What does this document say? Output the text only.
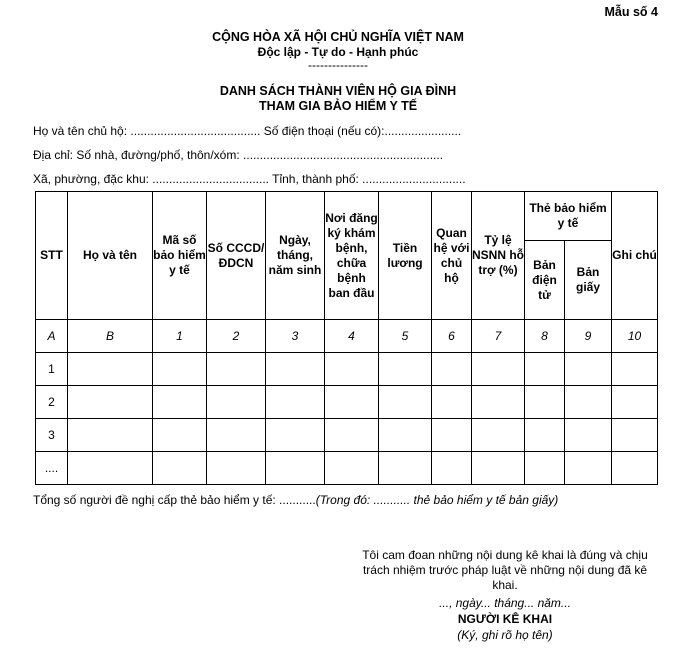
Mẫu số 4
CỘNG HÒA XÃ HỘI CHỦ NGHĨA VIỆT NAM
Độc lập - Tự do - Hạnh phúc
---------------
DANH SÁCH THÀNH VIÊN HỘ GIA ĐÌNH
THAM GIA BẢO HIỂM Y TẾ
Họ và tên chủ hộ: ....................................... Số điện thoại (nếu có):.......................
Địa chỉ: Số nhà, đường/phố, thôn/xóm: ............................................................
Xã, phường, đặc khu: ................................... Tỉnh, thành phố: ...............................
STT	Họ và tên	Mã số bảo hiểm y tế	Số CCCD/ ĐDCN	Ngày, tháng, năm sinh	Nơi đăng ký khám bệnh, chữa bệnh ban đầu	Tiền lương	Quan hệ với chủ hộ	Tỷ lệ NSNN hỗ trợ (%)	Thẻ bảo hiểm y tế		Ghi chú
									Bản điện tử	Bản giấy	
A	B	1	2	3	4	5	6	7	8	9	10
1											
2											
3											
....											
Tổng số người đề nghị cấp thẻ bảo hiểm y tế: ...........(Trong đó: ........... thẻ bảo hiểm y tế bản giấy)
Tôi cam đoan những nội dung kê khai là đúng và chịu trách nhiệm trước pháp luật về những nội dung đã kê khai.
..., ngày... tháng... năm...
NGƯỜI KÊ KHAI
(Ký, ghi rõ họ tên)
